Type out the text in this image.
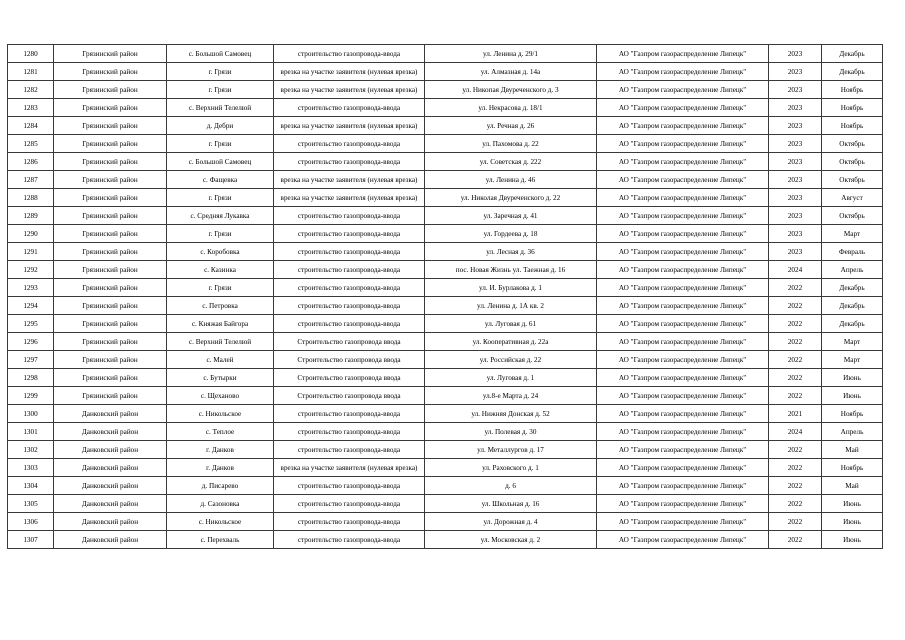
1280	Грязинский район	с. Большой Самовец	строительство газопровода-ввода	ул. Ленина д. 29/1	АО "Газпром газораспределение Липецк"	2023	Декабрь
1281	Грязинский район	г. Грязи	врезка на участке заявителя (нулевая врезка)	ул. Алмазная д. 14а	АО "Газпром газораспределение Липецк"	2023	Декабрь
1282	Грязинский район	г. Грязи	врезка на участке заявителя (нулевая врезка)	ул. Никопая Двуреченского д. 3	АО "Газпром газораспределение Липецк"	2023	Ноябрь
1283	Грязинский район	с. Верхний Телелюй	строительство газопровода-ввода	ул. Некрасова д. 18/1	АО "Газпром газораспределение Липецк"	2023	Ноябрь
1284	Грязинский район	д. Дебри	врезка на участке заявителя (нулевая врезка)	ул. Речная д. 26	АО "Газпром газораспределение Липецк"	2023	Ноябрь
1285	Грязинский район	г. Грязи	строительство газопровода-ввода	ул. Пахомова д. 22	АО "Газпром газораспределение Липецк"	2023	Октябрь
1286	Грязинский район	с. Большой Самовец	строительство газопровода-ввода	ул. Советская д. 222	АО "Газпром газораспределение Липецк"	2023	Октябрь
1287	Грязинский район	с. Фащевка	врезка на участке заявителя (нулевая врезка)	ул. Ленина д. 46	АО "Газпром газораспределение Липецк"	2023	Октябрь
1288	Грязинский район	г. Грязи	врезка на участке заявителя (нулевая врезка)	ул. Николая Двуреченского д. 22	АО "Газпром газораспределение Липецк"	2023	Август
1289	Грязинский район	с. Средняя Лукавка	строительство газопровода-ввода	ул. Заречная д. 41	АО "Газпром газораспределение Липецк"	2023	Октябрь
1290	Грязинский район	г. Грязи	строительство газопровода-ввода	ул. Гордеева д. 18	АО "Газпром газораспределение Липецк"	2023	Март
1291	Грязинский район	с. Коробовка	строительство газопровода-ввода	ул. Лесная д. 36	АО "Газпром газораспределение Липецк"	2023	Февраль
1292	Грязинский район	с. Казинка	строительство газопровода-ввода	пос. Новая Жизнь ул. Таежная д. 16	АО "Газпром газораспределение Липецк"	2024	Апрель
1293	Грязинский район	г. Грязи	строительство газопровода-ввода	ул. И. Бурлакова д. 1	АО "Газпром газораспределение Липецк"	2022	Декабрь
1294	Грязинский район	с. Петровка	строительство газопровода-ввода	ул. Ленина д. 1А кв. 2	АО "Газпром газораспределение Липецк"	2022	Декабрь
1295	Грязинский район	с. Княжая Байгора	строительство газопровода-ввода	ул. Луговая д. 61	АО "Газпром газораспределение Липецк"	2022	Декабрь
1296	Грязинский район	с. Верхний Телелюй	Строительство газопровода ввода	ул. Кооперативная д. 22а	АО "Газпром газораспределение Липецк"	2022	Март
1297	Грязинский район	с. Малей	Строительство газопровода ввода	ул. Российская д. 22	АО "Газпром газораспределение Липецк"	2022	Март
1298	Грязинский район	с. Бутырки	Строительство газопровода ввода	ул. Луговая д. 1	АО "Газпром газораспределение Липецк"	2022	Июнь
1299	Грязинский район	с. Щеханово	Строительство газопровода ввода	ул.8-е Марта д. 24	АО "Газпром газораспределение Липецк"	2022	Июнь
1300	Данковский район	с. Никольское	строительство газопровода-ввода	ул. Нижняя Донская д. 52	АО "Газпром газораспределение Липецк"	2021	Ноябрь
1301	Данковский район	с. Теплое	строительство газопровода-ввода	ул. Полевая д. 30	АО "Газпром газораспределение Липецк"	2024	Апрель
1302	Данковский район	г. Данков	строительство газопровода-ввода	ул. Металлургов д. 17	АО "Газпром газораспределение Липецк"	2022	Май
1303	Данковский район	г. Данков	врезка на участке заявителя (нулевая врезка)	ул. Раховского д. 1	АО "Газпром газораспределение Липецк"	2022	Ноябрь
1304	Данковский район	д. Писарево	строительство газопровода-ввода	д. 6	АО "Газпром газораспределение Липецк"	2022	Май
1305	Данковский район	д. Сазоновка	строительство газопровода-ввода	ул. Школьная д. 16	АО "Газпром газораспределение Липецк"	2022	Июнь
1306	Данковский район	с. Никольское	строительство газопровода-ввода	ул. Дорожная д. 4	АО "Газпром газораспределение Липецк"	2022	Июнь
1307	Данковский район	с. Перехваль	строительство газопровода-ввода	ул. Московская д. 2	АО "Газпром газораспределение Липецк"	2022	Июнь
